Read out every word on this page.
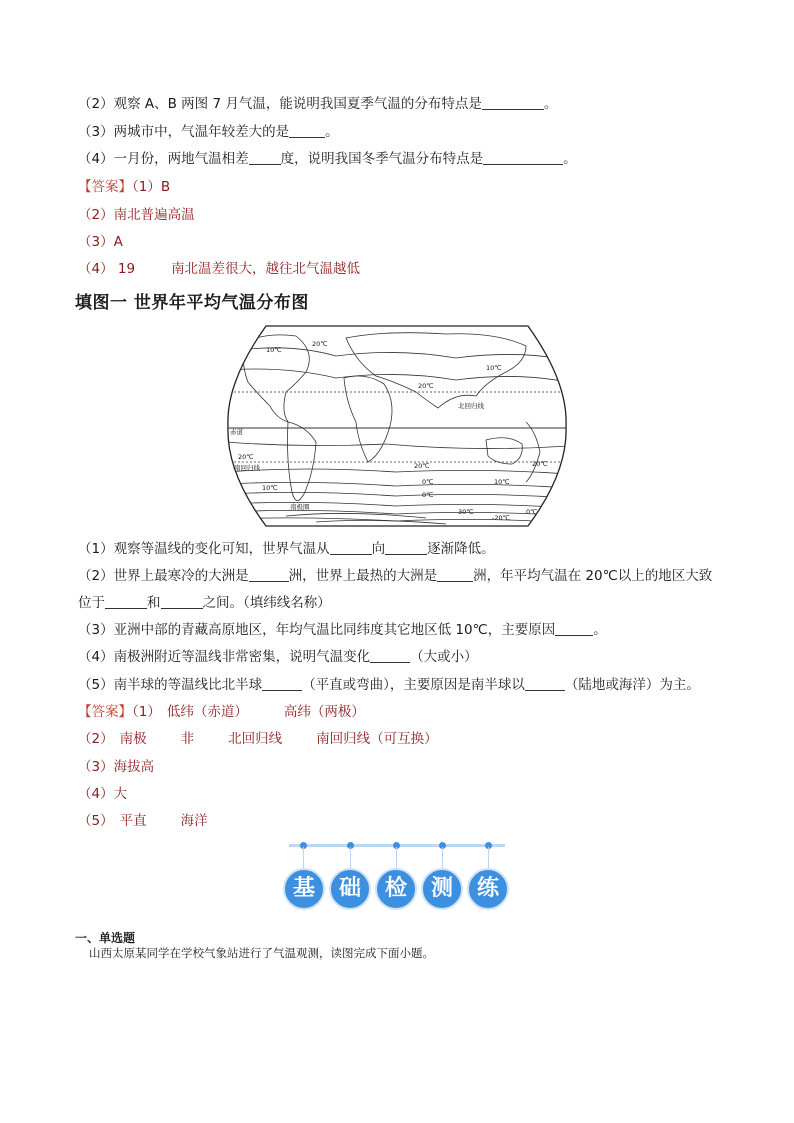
（2）观察 A、B 两图 7 月气温，能说明我国夏季气温的分布特点是	。
（3）两城市中，气温年较差大的是	。
（4）一月份，两地气温相差 度，说明我国冬季气温分布特点是	。
【答案】（1）B
（2）南北普遍高温
（3）A
（4） 19	南北温差很大，越往北气温越低
填图一 世界年平均气温分布图
10℃
20℃
10℃
20℃
北回归线
赤道
20℃
南回归线	20℃	20℃
10℃
0℃
0℃
10℃
-20℃
30℃
南极圈
0℃
（1）观察等温线的变化可知，世界气温从	向	逐渐降低。
（2）世界上最寒冷的大洲是	洲，世界上最热的大洲是	洲，年平均气温在 20℃以上的地区大致
位于	和	之间。（填纬线名称）
（3）亚洲中部的青藏高原地区，年均气温比同纬度其它地区低 10℃，主要原因	。
（4）南极洲附近等温线非常密集，说明气温变化	（大或小）
（5）南半球的等温线比北半球	（平直或弯曲），主要原因是南半球以	（陆地或海洋）为主。
【答案】（1） 低纬（赤道）	高纬（两极）
（2） 南极	非	北回归线	南回归线（可互换）
（3）海拔高
（4）大
（5） 平直	海洋
基	础	检	测	练
一、单选题
山西太原某同学在学校气象站进行了气温观测，读图完成下面小题。
